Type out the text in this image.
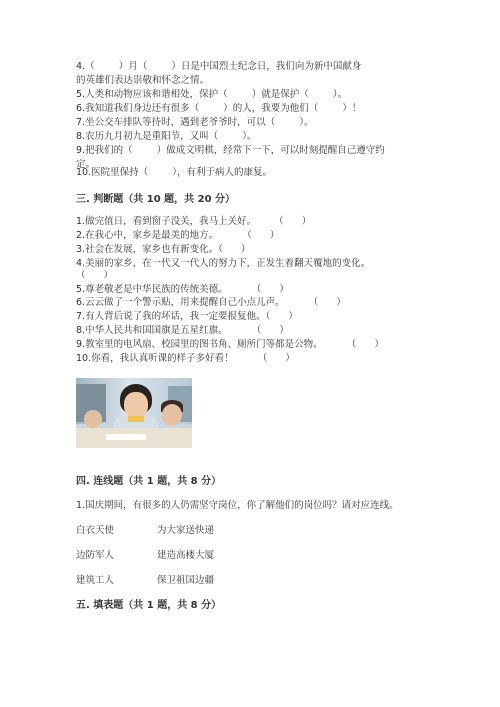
4.（        ）月（        ）日是中国烈士纪念日，我们向为新中国献身
的英雄们表达崇敬和怀念之情。
5.人类和动物应该和谐相处，保护（        ）就是保护（        ）。
6.我知道我们身边还有很多（        ）的人，我要为他们（        ）！
7.坐公交车排队等待时，遇到老爷爷时，可以（        ）。
8.农历九月初九是重阳节，又叫（        ）。
9.把我们的（        ）做成文明棋，经常下一下，可以时刻提醒自己遵守约
定。
10.医院里保持（        ），有利于病人的康复。
三. 判断题（共 10 题，共 20 分）
1.做完值日，看到窗子没关，我马上关好。      （      ）
2.在我心中，家乡是最美的地方。        （      ）
3.社会在发展，家乡也有新变化。（      ）
4.美丽的家乡，在一代又一代人的努力下，正发生着翻天覆地的变化。
（      ）
5.尊老敬老是中华民族的传统美德。        （      ）
6.云云做了一个警示贴，用来提醒自己小点儿声。        （      ）
7.有人背后说了我的坏话，我一定要报复他。（      ）
8.中华人民共和国国旗是五星红旗。        （      ）
9.教室里的电风扇、校园里的图书角、厕所门等都是公物。        （      ）
10.你看，我认真听课的样子多好看！        （      ）
四. 连线题（共 1 题，共 8 分）
1.国庆期间，有很多的人仍需坚守岗位，你了解他们的岗位吗？请对应连线。
白衣天使
边防军人
建筑工人
为大家送快递
建造高楼大厦
保卫祖国边疆
五. 填表题（共 1 题，共 8 分）
